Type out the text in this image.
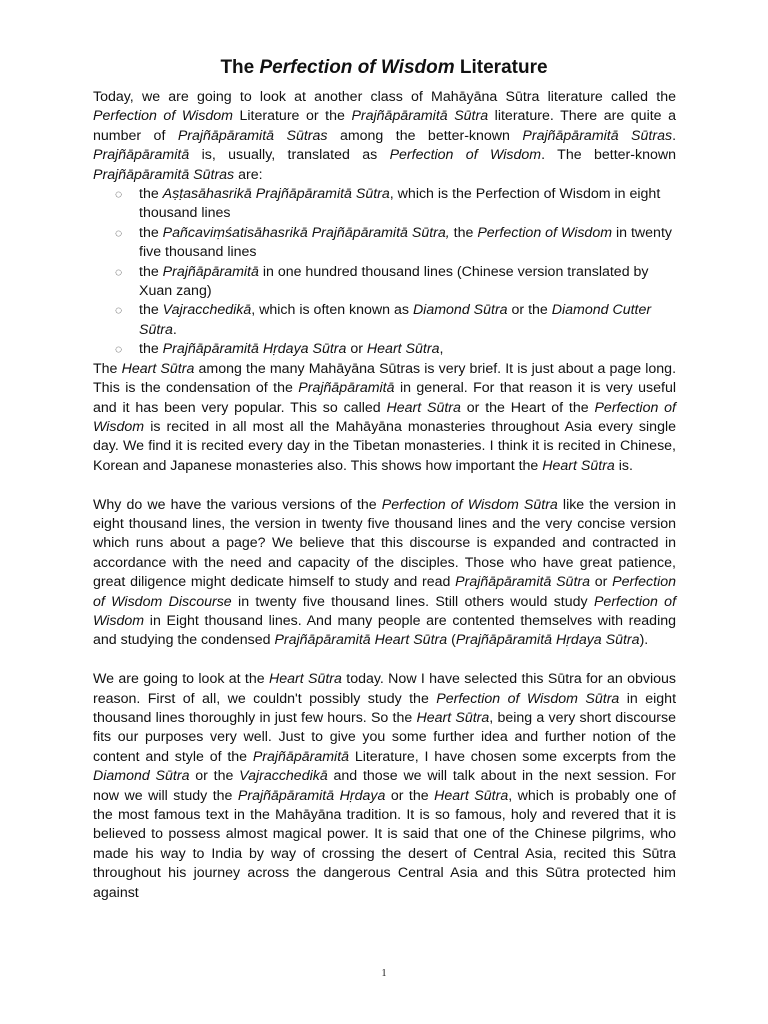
The Perfection of Wisdom Literature

Today, we are going to look at another class of Mahāyāna Sūtra literature called the Perfection of Wisdom Literature or the Prajñāpāramitā Sūtra literature. There are quite a number of Prajñāpāramitā Sūtras among the better-known Prajñāpāramitā Sūtras. Prajñāpāramitā is, usually, translated as Perfection of Wisdom. The better-known Prajñāpāramitā Sūtras are:

◌ the Aṣṭasāhasrikā Prajñāpāramitā Sūtra, which is the Perfection of Wisdom in eight thousand lines
◌ the Pañcaviṃśatisāhasrikā Prajñāpāramitā Sūtra, the Perfection of Wisdom in twenty five thousand lines
◌ the Prajñāpāramitā in one hundred thousand lines (Chinese version translated by Xuan zang)
◌ the Vajracchedikā, which is often known as Diamond Sūtra or the Diamond Cutter Sūtra.
◌ the Prajñāpāramitā Hṛdaya Sūtra or Heart Sūtra,

The Heart Sūtra among the many Mahāyāna Sūtras is very brief. It is just about a page long. This is the condensation of the Prajñāpāramitā in general. For that reason it is very useful and it has been very popular. This so called Heart Sūtra or the Heart of the Perfection of Wisdom is recited in all most all the Mahāyāna monasteries throughout Asia every single day. We find it is recited every day in the Tibetan monasteries. I think it is recited in Chinese, Korean and Japanese monasteries also. This shows how important the Heart Sūtra is.

Why do we have the various versions of the Perfection of Wisdom Sūtra like the version in eight thousand lines, the version in twenty five thousand lines and the very concise version which runs about a page? We believe that this discourse is expanded and contracted in accordance with the need and capacity of the disciples. Those who have great patience, great diligence might dedicate himself to study and read Prajñāpāramitā Sūtra or Perfection of Wisdom Discourse in twenty five thousand lines. Still others would study Perfection of Wisdom in Eight thousand lines. And many people are contented themselves with reading and studying the condensed Prajñāpāramitā Heart Sūtra (Prajñāpāramitā Hṛdaya Sūtra).

We are going to look at the Heart Sūtra today. Now I have selected this Sūtra for an obvious reason. First of all, we couldn't possibly study the Perfection of Wisdom Sūtra in eight thousand lines thoroughly in just few hours. So the Heart Sūtra, being a very short discourse fits our purposes very well. Just to give you some further idea and further notion of the content and style of the Prajñāpāramitā Literature, I have chosen some excerpts from the Diamond Sūtra or the Vajracchedikā and those we will talk about in the next session. For now we will study the Prajñāpāramitā Hṛdaya or the Heart Sūtra, which is probably one of the most famous text in the Mahāyāna tradition. It is so famous, holy and revered that it is believed to possess almost magical power. It is said that one of the Chinese pilgrims, who made his way to India by way of crossing the desert of Central Asia, recited this Sūtra throughout his journey across the dangerous Central Asia and this Sūtra protected him against

1
